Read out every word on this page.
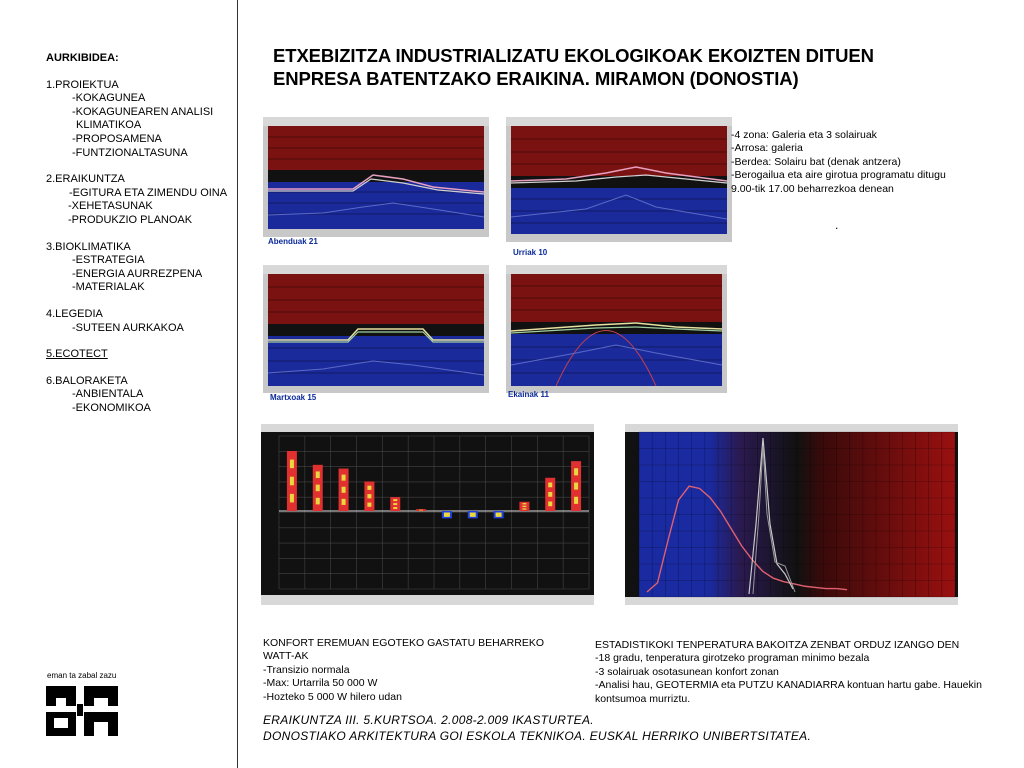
AURKIBIDEA:
1.PROIEKTUA
-KOKAGUNEA
-KOKAGUNEAREN ANALISI
KLIMATIKOA
-PROPOSAMENA
-FUNTZIONALTASUNA
2.ERAIKUNTZA
-EGITURA ETA ZIMENDU OINA
-XEHETASUNAK
-PRODUKZIO PLANOAK
3.BIOKLIMATIKA
-ESTRATEGIA
-ENERGIA AURREZPENA
-MATERIALAK
4.LEGEDIA
-SUTEEN AURKAKOA
5.ECOTECT
6.BALORAKETA
-ANBIENTALA
-EKONOMIKOA
eman ta zabal zazu
ETXEBIZITZA INDUSTRIALIZATU EKOLOGIKOAK EKOIZTEN DITUEN
ENPRESA BATENTZAKO ERAIKINA. MIRAMON (DONOSTIA)
Abenduak 21
Urriak 10
Martxoak 15	Ekainak 11
-4 zona: Galeria eta 3 solairuak
-Arrosa: galeria
-Berdea: Solairu bat (denak antzera)
-Berogailua eta aire girotua programatu ditugu
9.00-tik 17.00 beharrezkoa denean
.
KONFORT EREMUAN EGOTEKO GASTATU BEHARREKO
WATT-AK
-Transizio normala
-Max: Urtarrila 50 000 W
-Hozteko 5 000 W hilero udan
ESTADISTIKOKI TENPERATURA BAKOITZA ZENBAT ORDUZ IZANGO DEN
-18 gradu, tenperatura girotzeko programan minimo bezala
-3 solairuak osotasunean konfort zonan
-Analisi hau, GEOTERMIA eta PUTZU KANADIARRA kontuan hartu gabe. Hauekin
kontsumoa murriztu.
ERAIKUNTZA III. 5.KURTSOA. 2.008-2.009 IKASTURTEA.
DONOSTIAKO ARKITEKTURA GOI ESKOLA TEKNIKOA. EUSKAL HERRIKO UNIBERTSITATEA.
